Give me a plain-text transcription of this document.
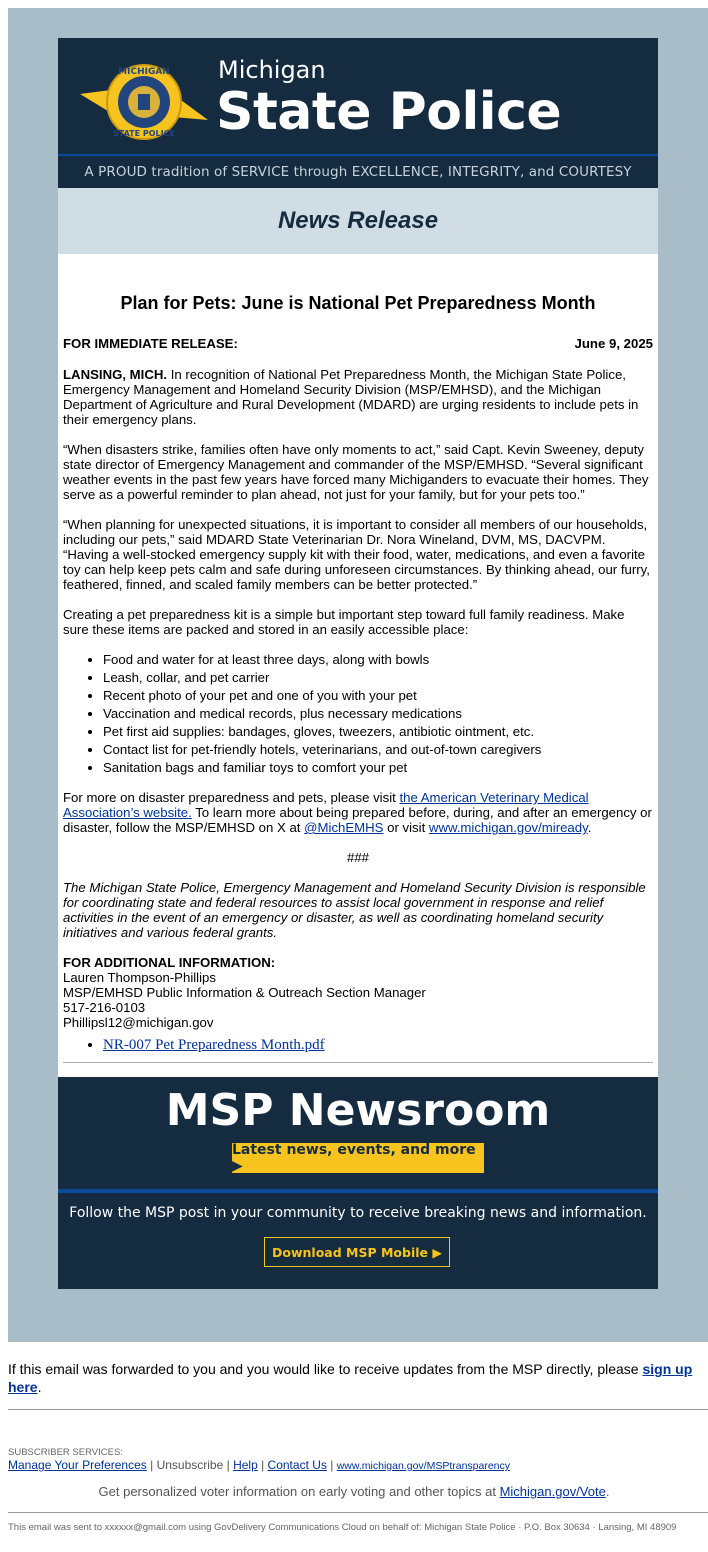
MICHIGAN
STATE POLICE
Michigan
State Police
A PROUD tradition of SERVICE through EXCELLENCE, INTEGRITY, and COURTESY
News Release
Plan for Pets: June is National Pet Preparedness Month
FOR IMMEDIATE RELEASE:	June 9, 2025

LANSING, MICH. In recognition of National Pet Preparedness Month, the Michigan State Police, Emergency Management and Homeland Security Division (MSP/EMHSD), and the Michigan Department of Agriculture and Rural Development (MDARD) are urging residents to include pets in their emergency plans.

“When disasters strike, families often have only moments to act,” said Capt. Kevin Sweeney, deputy state director of Emergency Management and commander of the MSP/EMHSD. “Several significant weather events in the past few years have forced many Michiganders to evacuate their homes. They serve as a powerful reminder to plan ahead, not just for your family, but for your pets too.”

“When planning for unexpected situations, it is important to consider all members of our households, including our pets,” said MDARD State Veterinarian Dr. Nora Wineland, DVM, MS, DACVPM. “Having a well-stocked emergency supply kit with their food, water, medications, and even a favorite toy can help keep pets calm and safe during unforeseen circumstances. By thinking ahead, our furry, feathered, finned, and scaled family members can be better protected.”

Creating a pet preparedness kit is a simple but important step toward full family readiness. Make sure these items are packed and stored in an easily accessible place:

• Food and water for at least three days, along with bowls
• Leash, collar, and pet carrier
• Recent photo of your pet and one of you with your pet
• Vaccination and medical records, plus necessary medications
• Pet first aid supplies: bandages, gloves, tweezers, antibiotic ointment, etc.
• Contact list for pet-friendly hotels, veterinarians, and out-of-town caregivers
• Sanitation bags and familiar toys to comfort your pet

For more on disaster preparedness and pets, please visit the American Veterinary Medical Association’s website. To learn more about being prepared before, during, and after an emergency or disaster, follow the MSP/EMHSD on X at @MichEMHS or visit www.michigan.gov/miready.

###

The Michigan State Police, Emergency Management and Homeland Security Division is responsible for coordinating state and federal resources to assist local government in response and relief activities in the event of an emergency or disaster, as well as coordinating homeland security initiatives and various federal grants.

FOR ADDITIONAL INFORMATION:
Lauren Thompson-Phillips
MSP/EMHSD Public Information & Outreach Section Manager
517-216-0103
Phillipsl12@michigan.gov
• NR-007 Pet Preparedness Month.pdf
MSP Newsroom
Latest news, events, and more ▶
Follow the MSP post in your community to receive breaking news and information.
Download MSP Mobile ▶
If this email was forwarded to you and you would like to receive updates from the MSP directly, please sign up here.
SUBSCRIBER SERVICES:
Manage Your Preferences | Unsubscribe | Help | Contact Us | www.michigan.gov/MSPtransparency
Get personalized voter information on early voting and other topics at Michigan.gov/Vote.
This email was sent to xxxxxx@gmail.com using GovDelivery Communications Cloud on behalf of: Michigan State Police · P.O. Box 30634 · Lansing, MI 48909
